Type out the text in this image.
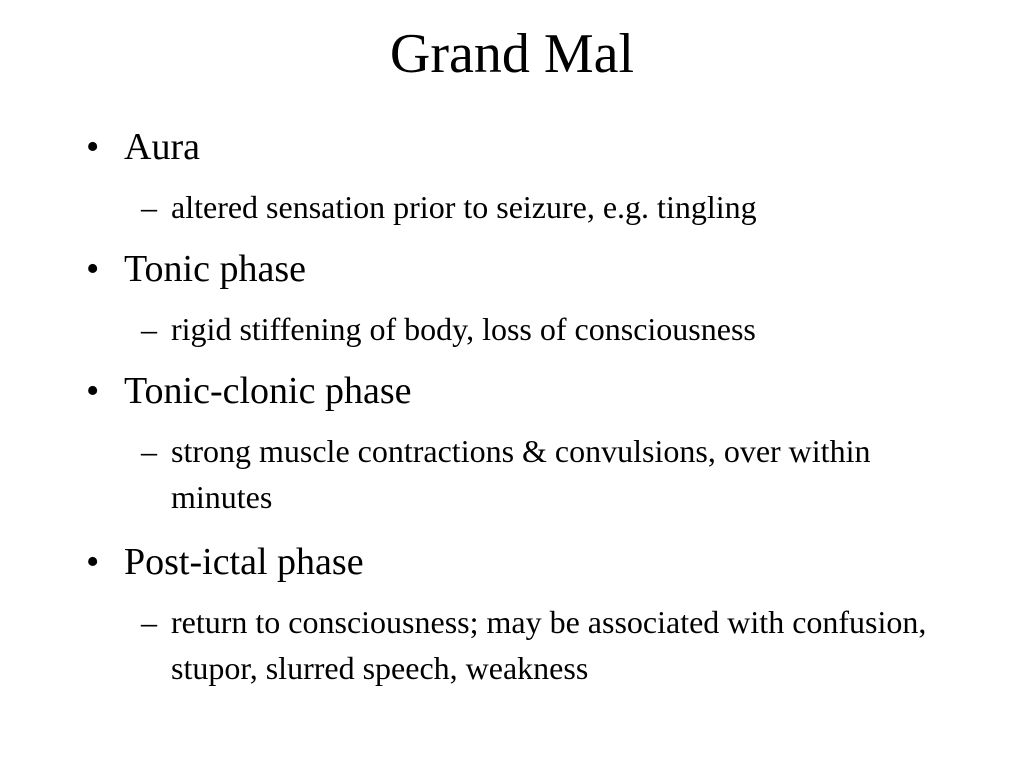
Grand Mal
• Aura
– altered sensation prior to seizure, e.g. tingling
• Tonic phase
– rigid stiffening of body, loss of consciousness
• Tonic-clonic phase
– strong muscle contractions & convulsions, over within minutes
• Post-ictal phase
– return to consciousness; may be associated with confusion, stupor, slurred speech, weakness
